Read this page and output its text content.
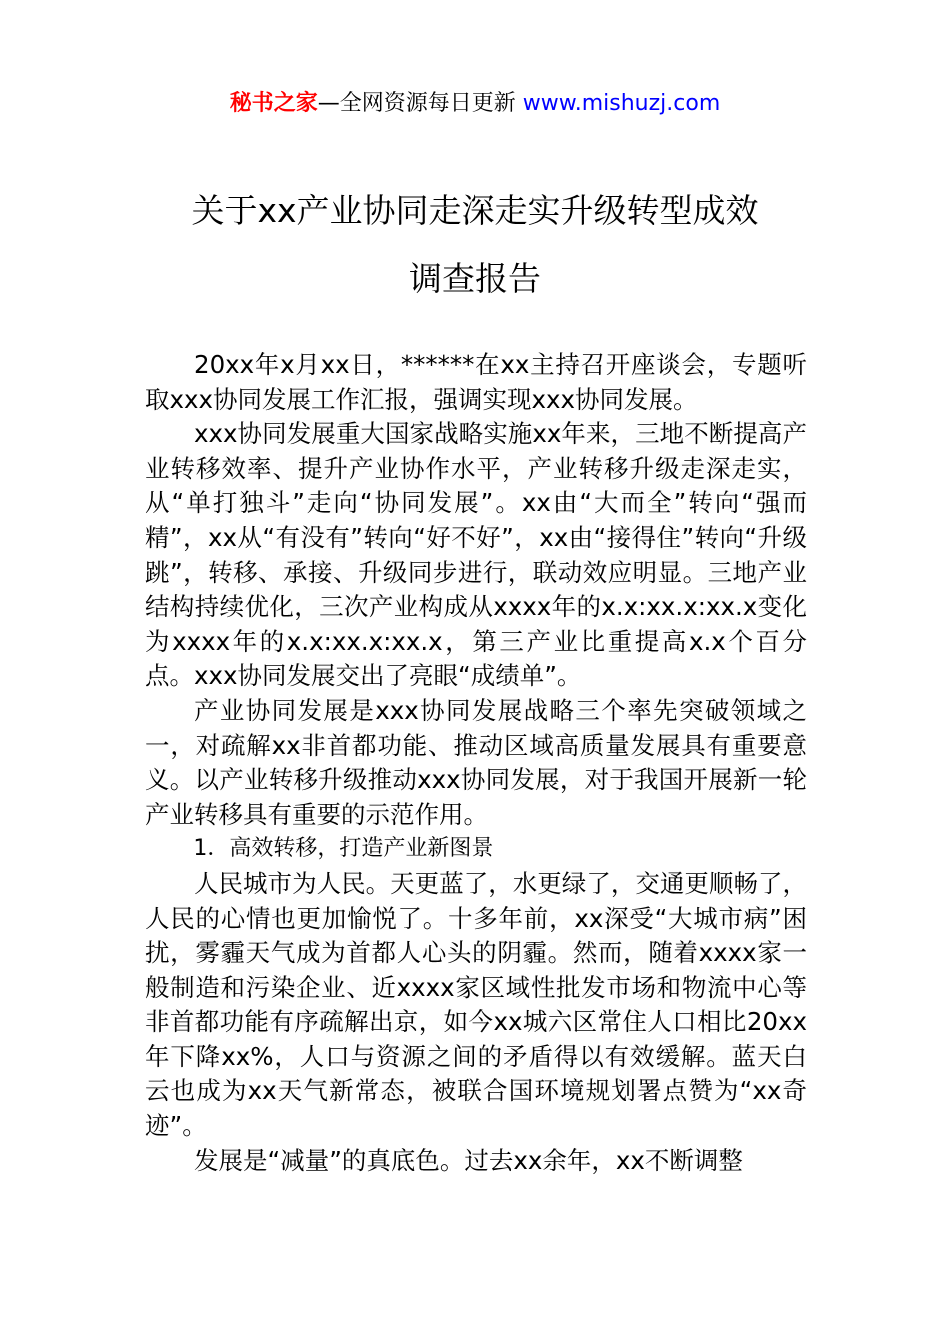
秘书之家—全网资源每日更新 www.mishuzj.com
关于xx产业协同走深走实升级转型成效
调查报告

20xx年x月xx日，******在xx主持召开座谈会，专题听取xxx协同发展工作汇报，强调实现xxx协同发展。

xxx协同发展重大国家战略实施xx年来，三地不断提高产业转移效率、提升产业协作水平，产业转移升级走深走实，从“单打独斗”走向“协同发展”。xx由“大而全”转向“强而精”，xx从“有没有”转向“好不好”，xx由“接得住”转向“升级跳”，转移、承接、升级同步进行，联动效应明显。三地产业结构持续优化，三次产业构成从xxxx年的x.x:xx.x:xx.x变化为xxxx年的x.x:xx.x:xx.x，第三产业比重提高x.x个百分点。xxx协同发展交出了亮眼“成绩单”。

产业协同发展是xxx协同发展战略三个率先突破领域之一，对疏解xx非首都功能、推动区域高质量发展具有重要意义。以产业转移升级推动xxx协同发展，对于我国开展新一轮产业转移具有重要的示范作用。

1．高效转移，打造产业新图景

人民城市为人民。天更蓝了，水更绿了，交通更顺畅了，人民的心情也更加愉悦了。十多年前，xx深受“大城市病”困扰，雾霾天气成为首都人心头的阴霾。然而，随着xxxx家一般制造和污染企业、近xxxx家区域性批发市场和物流中心等非首都功能有序疏解出京，如今xx城六区常住人口相比20xx年下降xx%，人口与资源之间的矛盾得以有效缓解。蓝天白云也成为xx天气新常态，被联合国环境规划署点赞为“xx奇迹”。

发展是“减量”的真底色。过去xx余年，xx不断调整
